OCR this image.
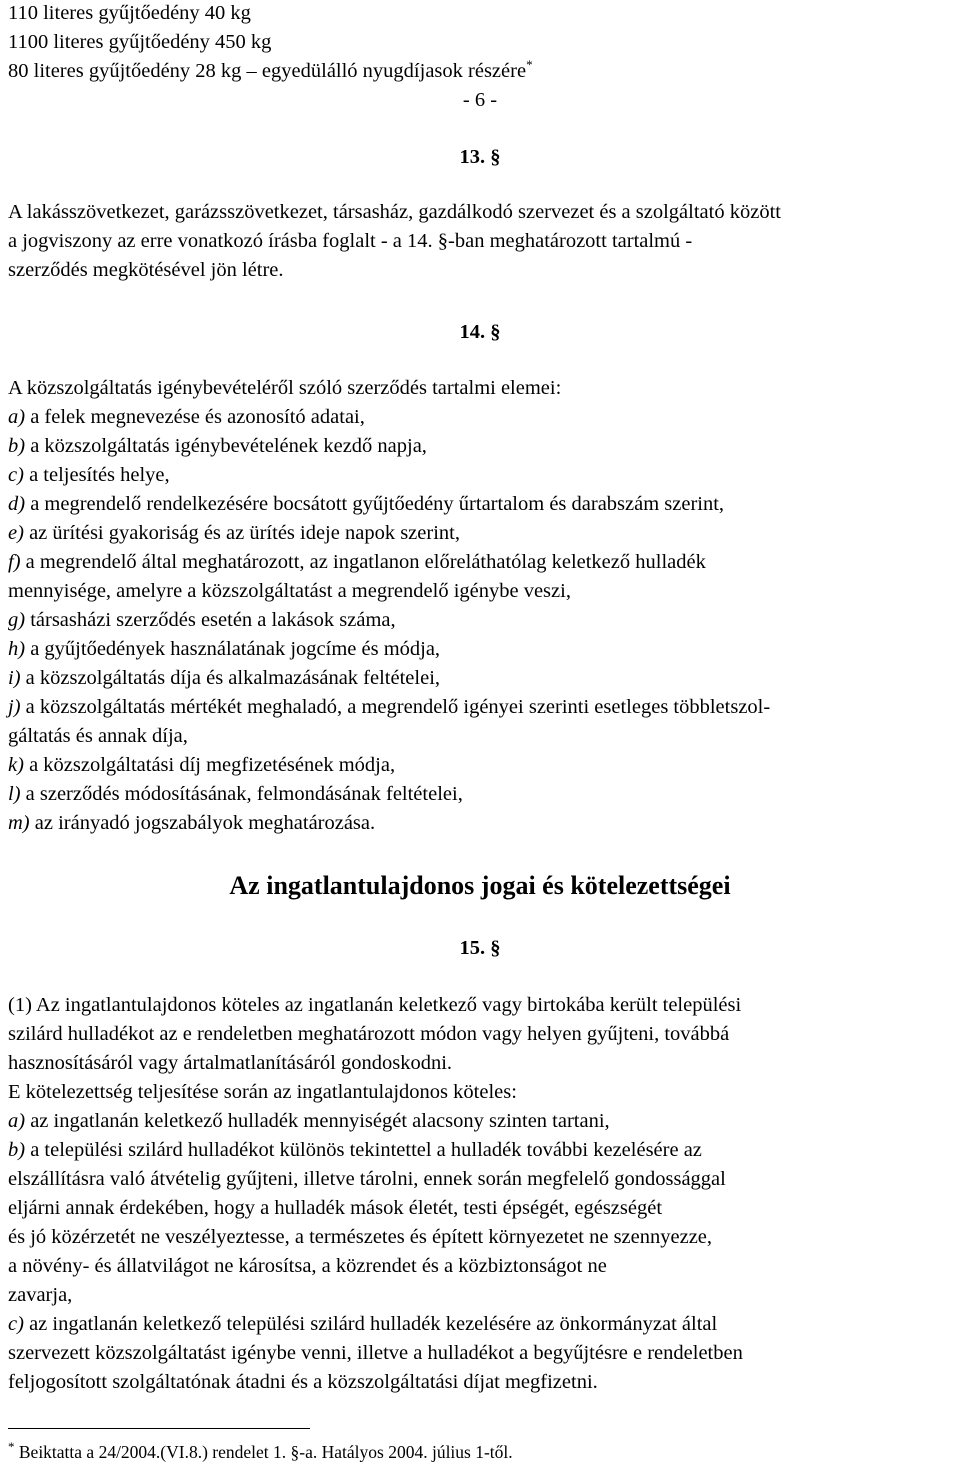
110 literes gyűjtőedény 40 kg
1100 literes gyűjtőedény 450 kg
80 literes gyűjtőedény 28 kg – egyedülálló nyugdíjasok részére*
- 6 -
13. §
A lakásszövetkezet, garázsszövetkezet, társasház, gazdálkodó szervezet és a szolgáltató között
a jogviszony az erre vonatkozó írásba foglalt - a 14. §-ban meghatározott tartalmú -
szerződés megkötésével jön létre.
14. §
A közszolgáltatás igénybevételéről szóló szerződés tartalmi elemei:
a) a felek megnevezése és azonosító adatai,
b) a közszolgáltatás igénybevételének kezdő napja,
c) a teljesítés helye,
d) a megrendelő rendelkezésére bocsátott gyűjtőedény űrtartalom és darabszám szerint,
e) az ürítési gyakoriság és az ürítés ideje napok szerint,
f) a megrendelő által meghatározott, az ingatlanon előreláthatólag keletkező hulladék
mennyisége, amelyre a közszolgáltatást a megrendelő igénybe veszi,
g) társasházi szerződés esetén a lakások száma,
h) a gyűjtőedények használatának jogcíme és módja,
i) a közszolgáltatás díja és alkalmazásának feltételei,
j) a közszolgáltatás mértékét meghaladó, a megrendelő igényei szerinti esetleges többletszol-
gáltatás és annak díja,
k) a közszolgáltatási díj megfizetésének módja,
l) a szerződés módosításának, felmondásának feltételei,
m) az irányadó jogszabályok meghatározása.
Az ingatlantulajdonos jogai és kötelezettségei
15. §
(1) Az ingatlantulajdonos köteles az ingatlanán keletkező vagy birtokába került települési
szilárd hulladékot az e rendeletben meghatározott módon vagy helyen gyűjteni, továbbá
hasznosításáról vagy ártalmatlanításáról gondoskodni.
E kötelezettség teljesítése során az ingatlantulajdonos köteles:
a) az ingatlanán keletkező hulladék mennyiségét alacsony szinten tartani,
b) a települési szilárd hulladékot különös tekintettel a hulladék további kezelésére az
elszállításra való átvételig gyűjteni, illetve tárolni, ennek során megfelelő gondossággal
eljárni annak érdekében, hogy a hulladék mások életét, testi épségét, egészségét
és jó közérzetét ne veszélyeztesse, a természetes és épített környezetet ne szennyezze,
a növény- és állatvilágot ne károsítsa, a közrendet és a közbiztonságot ne
zavarja,
c) az ingatlanán keletkező települési szilárd hulladék kezelésére az önkormányzat által
szervezett közszolgáltatást igénybe venni, illetve a hulladékot a begyűjtésre e rendeletben
feljogosított szolgáltatónak átadni és a közszolgáltatási díjat megfizetni.
* Beiktatta a 24/2004.(VI.8.) rendelet 1. §-a. Hatályos 2004. július 1-től.
